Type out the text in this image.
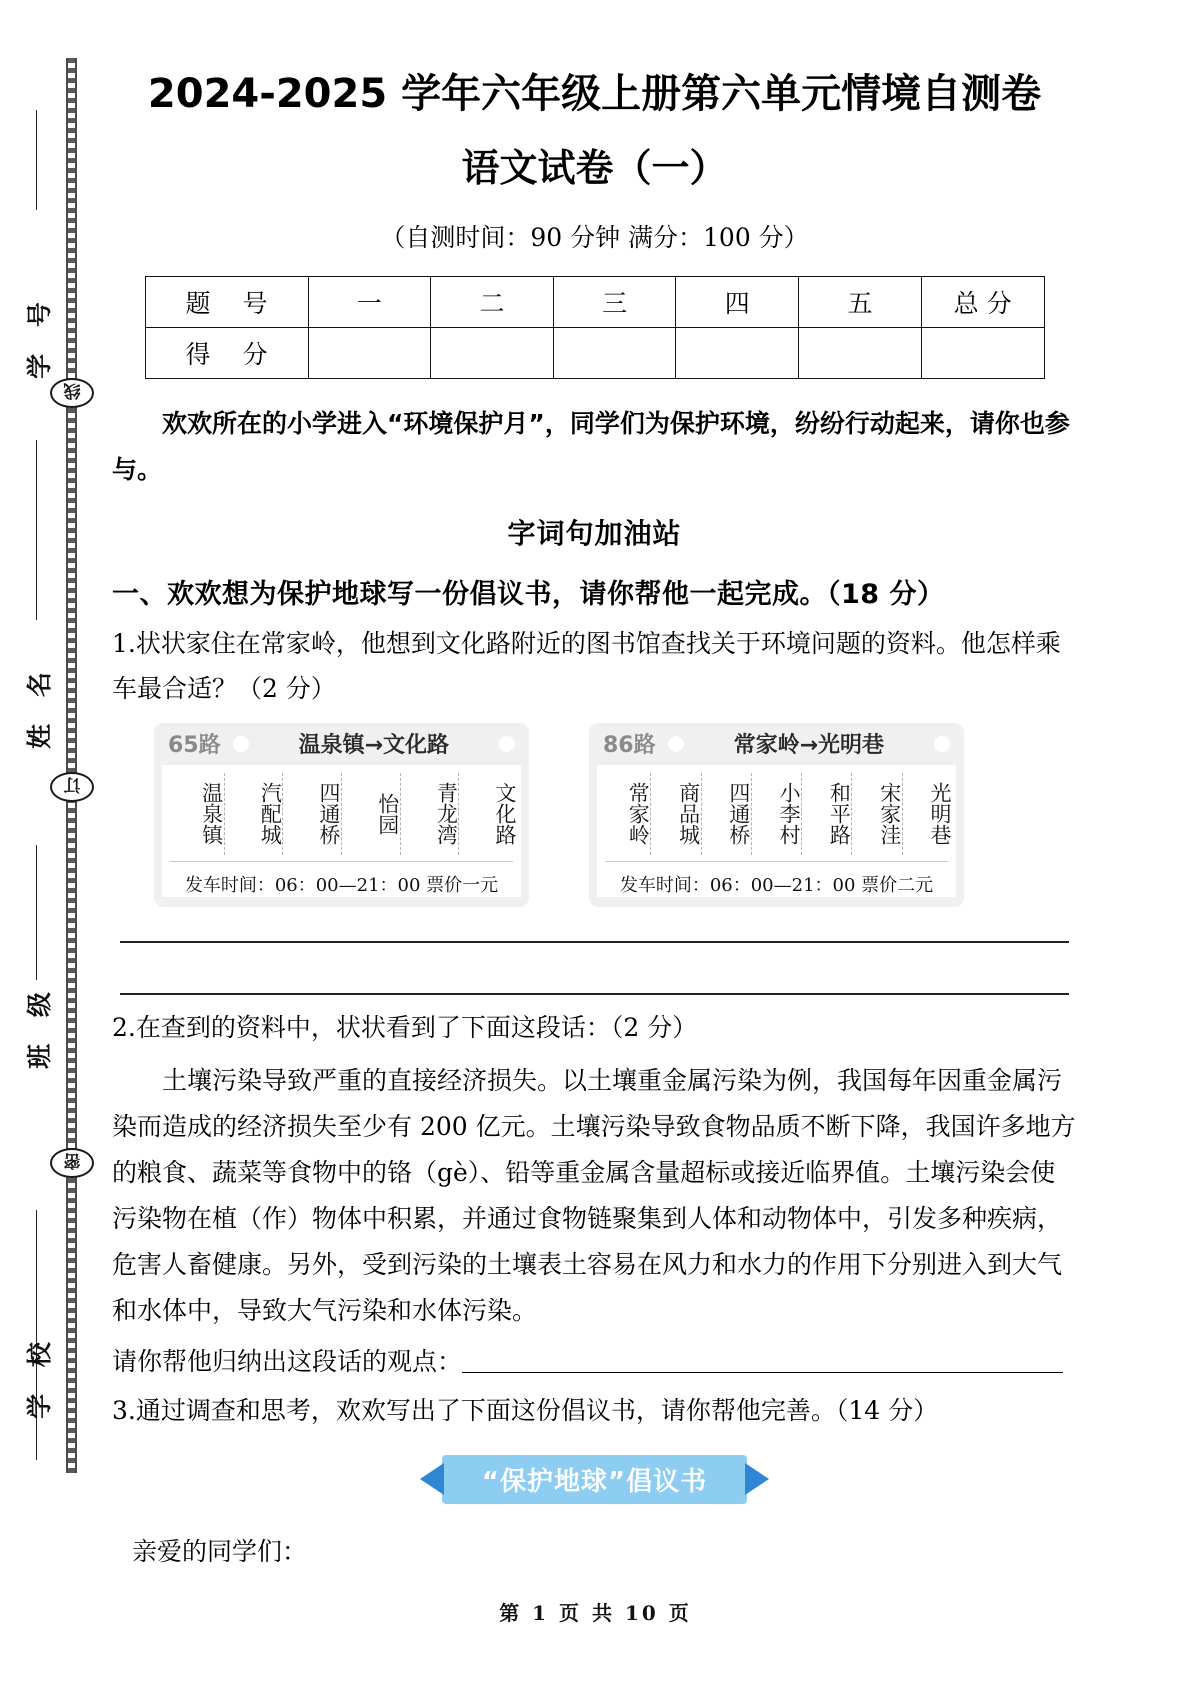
学 号
姓 名
班 级
学 校
线
订
密
2024-2025 学年六年级上册第六单元情境自测卷
语文试卷（一）

（自测时间：90 分钟 满分：100 分）

题 号	一	二	三	四	五	总 分
得 分						

欢欢所在的小学进入“环境保护月”，同学们为保护环境，纷纷行动起来，请你也参与。

字词句加油站

一、欢欢想为保护地球写一份倡议书，请你帮他一起完成。（18 分）

1.状状家住在常家岭，他想到文化路附近的图书馆查找关于环境问题的资料。他怎样乘车最合适？（2 分）

65路	温泉镇→文化路
温泉镇	汽配城	四通桥	怡园	青龙湾	文化路
发车时间：06：00—21：00 票价一元
86路	常家岭→光明巷
常家岭	商品城	四通桥	小李村	和平路	宋家洼	光明巷
发车时间：06：00—21：00 票价二元

2.在查到的资料中，状状看到了下面这段话：（2 分）

土壤污染导致严重的直接经济损失。以土壤重金属污染为例，我国每年因重金属污染而造成的经济损失至少有 200 亿元。土壤污染导致食物品质不断下降，我国许多地方的粮食、蔬菜等食物中的铬（gè）、铅等重金属含量超标或接近临界值。土壤污染会使污染物在植（作）物体中积累，并通过食物链聚集到人体和动物体中，引发多种疾病，危害人畜健康。另外，受到污染的土壤表土容易在风力和水力的作用下分别进入到大气和水体中，导致大气污染和水体污染。

请你帮他归纳出这段话的观点：＿＿＿＿＿＿＿＿＿＿＿＿＿＿＿＿＿＿＿＿＿＿＿＿＿

3.通过调查和思考，欢欢写出了下面这份倡议书，请你帮他完善。（14 分）

“保护地球”倡议书

亲爱的同学们：

第 1 页 共 10 页
